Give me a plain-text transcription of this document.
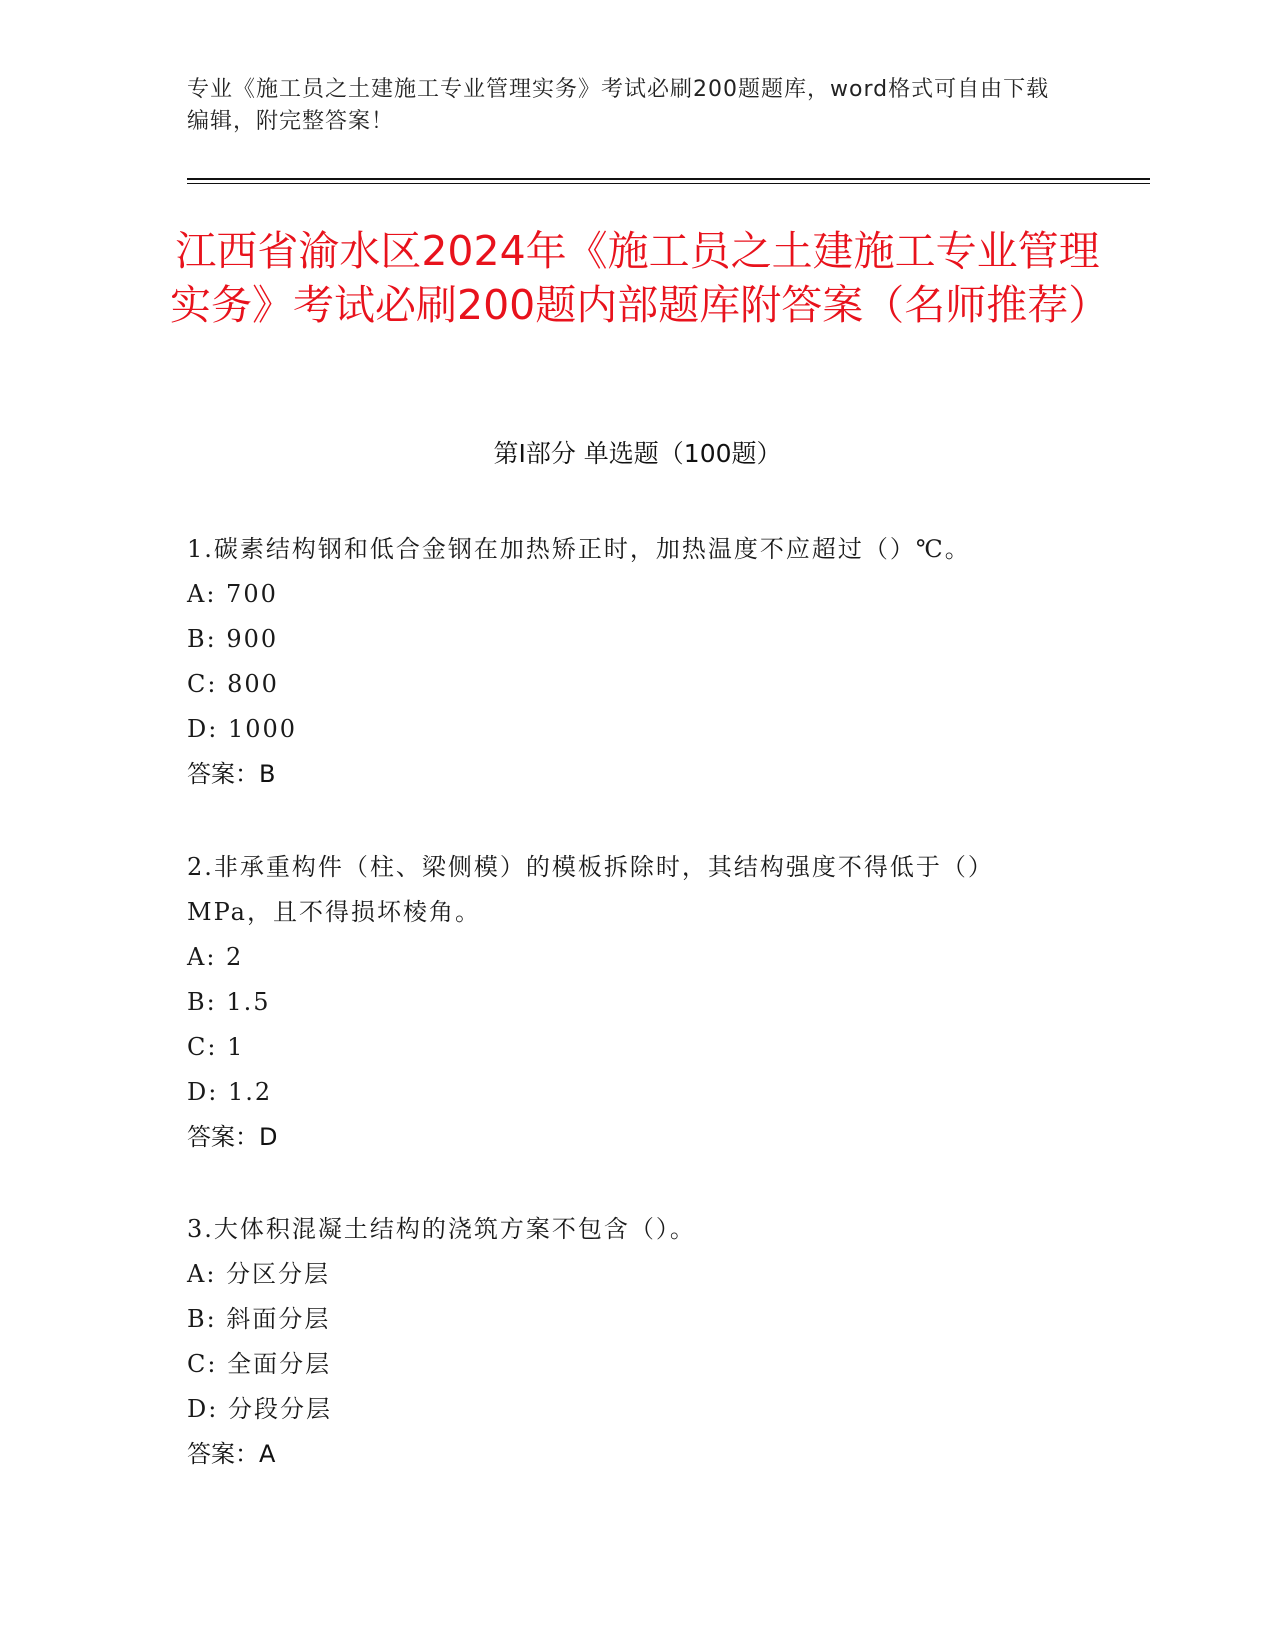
专业《施工员之土建施工专业管理实务》考试必刷200题题库，word格式可自由下载编辑，附完整答案！
江西省渝水区2024年《施工员之土建施工专业管理实务》考试必刷200题内部题库附答案（名师推荐）
第I部分 单选题（100题）
1.碳素结构钢和低合金钢在加热矫正时，加热温度不应超过（）℃。
A: 700
B: 900
C: 800
D: 1000
答案：B
2.非承重构件（柱、梁侧模）的模板拆除时，其结构强度不得低于（）MPa，且不得损坏棱角。
A: 2
B: 1.5
C: 1
D: 1.2
答案：D
3.大体积混凝土结构的浇筑方案不包含（）。
A: 分区分层
B: 斜面分层
C: 全面分层
D: 分段分层
答案：A
